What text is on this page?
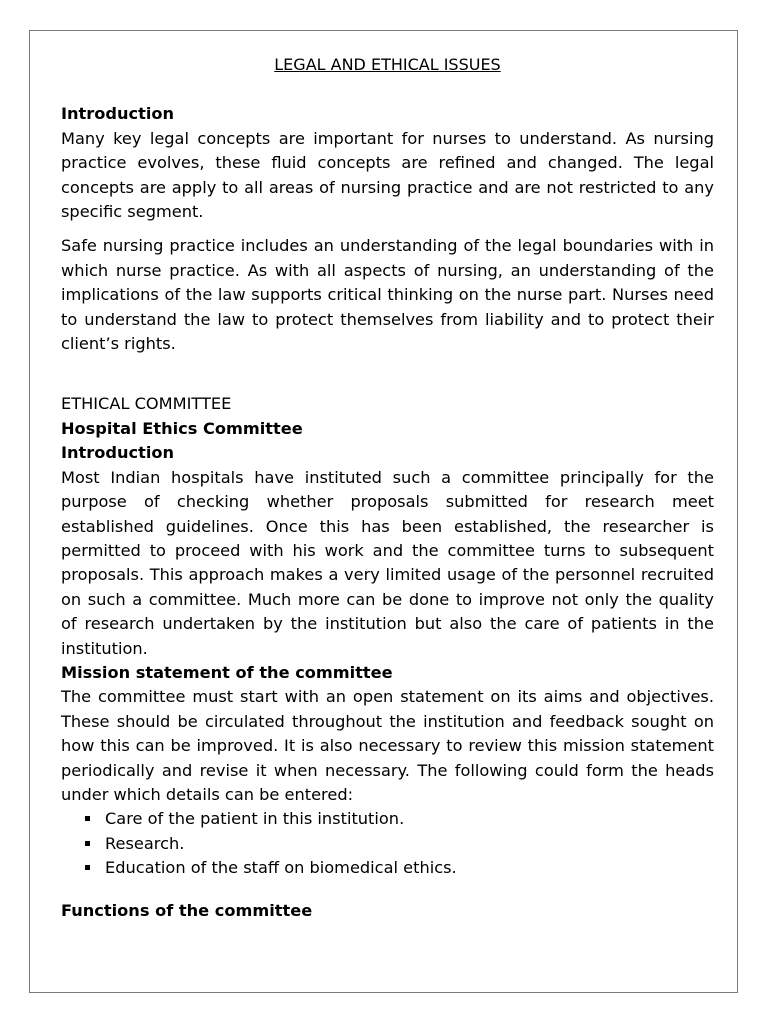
LEGAL AND ETHICAL ISSUES
Introduction

Many key legal concepts are important for nurses to understand. As nursing practice evolves, these fluid concepts are refined and changed. The legal concepts are apply to all areas of nursing practice and are not restricted to any specific segment.

Safe nursing practice includes an understanding of the legal boundaries with in which nurse practice. As with all aspects of nursing, an understanding of the implications of the law supports critical thinking on the nurse part. Nurses need to understand the law to protect themselves from liability and to protect their client’s rights.

ETHICAL COMMITTEE
Hospital Ethics Committee
Introduction

Most Indian hospitals have instituted such a committee principally for the purpose of checking whether proposals submitted for research meet established guidelines. Once this has been established, the researcher is permitted to proceed with his work and the committee turns to subsequent proposals. This approach makes a very limited usage of the personnel recruited on such a committee. Much more can be done to improve not only the quality of research undertaken by the institution but also the care of patients in the institution.

Mission statement of the committee

The committee must start with an open statement on its aims and objectives. These should be circulated throughout the institution and feedback sought on how this can be improved. It is also necessary to review this mission statement periodically and revise it when necessary. The following could form the heads under which details can be entered:

Care of the patient in this institution.
Research.
Education of the staff on biomedical ethics.
Functions of the committee
